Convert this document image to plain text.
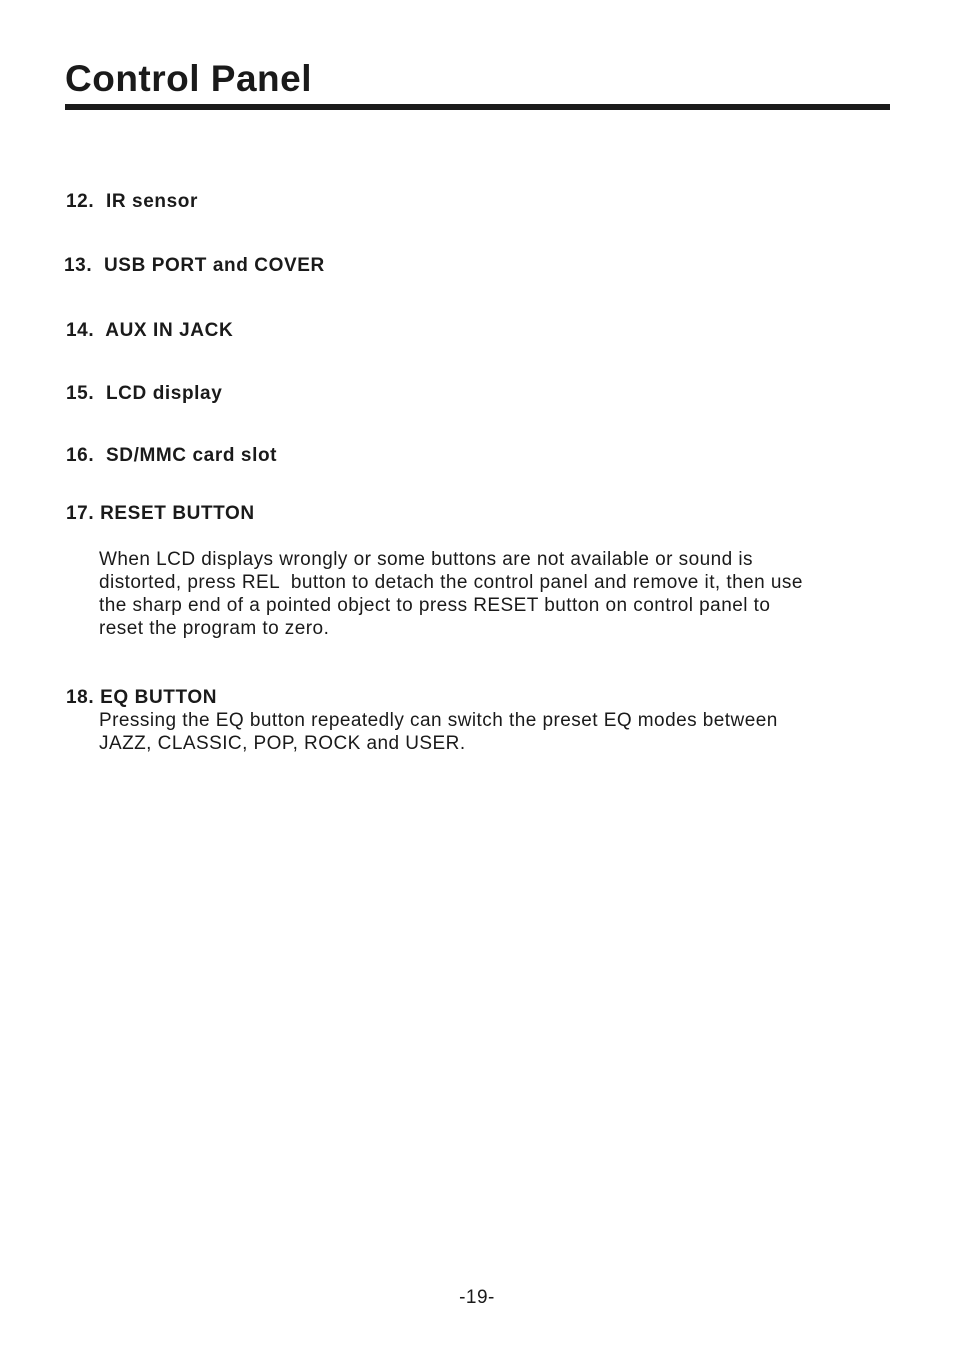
Control Panel
12.  IR sensor
13.  USB PORT and COVER
14.  AUX IN JACK
15.  LCD display
16.  SD/MMC card slot
17. RESET BUTTON
When LCD displays wrongly or some buttons are not available or sound is
distorted, press REL  button to detach the control panel and remove it, then use
the sharp end of a pointed object to press RESET button on control panel to
reset the program to zero.
18. EQ BUTTON
Pressing the EQ button repeatedly can switch the preset EQ modes between
JAZZ, CLASSIC, POP, ROCK and USER.
-19-
